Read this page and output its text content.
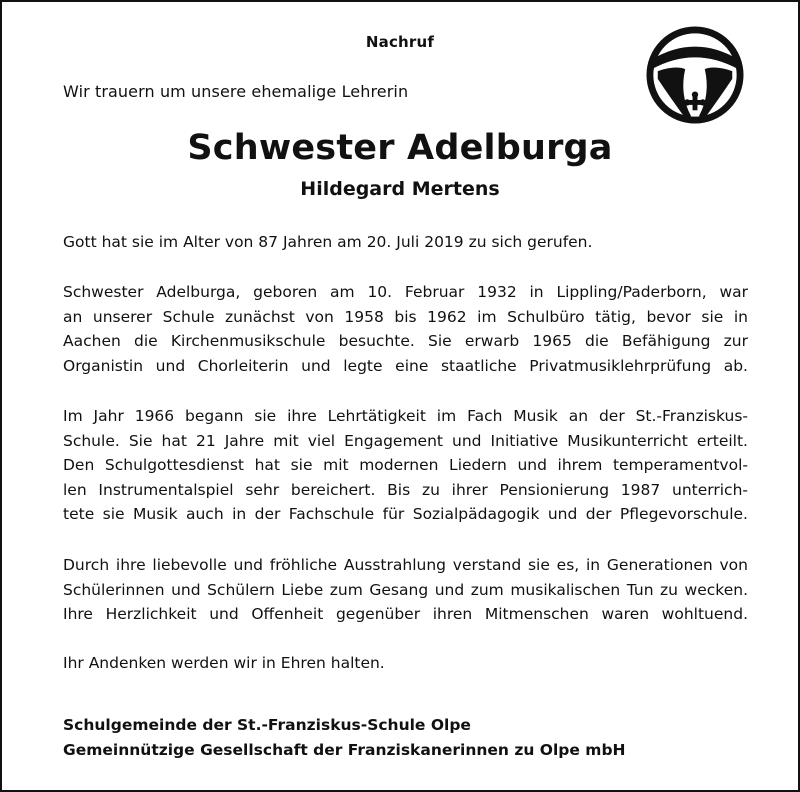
Nachruf
Wir trauern um unsere ehemalige Lehrerin
Schwester Adelburga
Hildegard Mertens

Gott hat sie im Alter von 87 Jahren am 20. Juli 2019 zu sich gerufen.

Schwester Adelburga, geboren am 10. Februar 1932 in Lippling/Paderborn, war
an unserer Schule zunächst von 1958 bis 1962 im Schulbüro tätig, bevor sie in
Aachen die Kirchenmusikschule besuchte. Sie erwarb 1965 die Befähigung zur
Organistin und Chorleiterin und legte eine staatliche Privatmusiklehrprüfung ab.

Im Jahr 1966 begann sie ihre Lehrtätigkeit im Fach Musik an der St.-Franziskus-
Schule. Sie hat 21 Jahre mit viel Engagement und Initiative Musikunterricht erteilt.
Den Schulgottesdienst hat sie mit modernen Liedern und ihrem temperamentvol-
len Instrumentalspiel sehr bereichert. Bis zu ihrer Pensionierung 1987 unterrich-
tete sie Musik auch in der Fachschule für Sozialpädagogik und der Pflegevorschule.

Durch ihre liebevolle und fröhliche Ausstrahlung verstand sie es, in Generationen von
Schülerinnen und Schülern Liebe zum Gesang und zum musikalischen Tun zu wecken.
Ihre Herzlichkeit und Offenheit gegenüber ihren Mitmenschen waren wohltuend.

Ihr Andenken werden wir in Ehren halten.

Schulgemeinde der St.-Franziskus-Schule Olpe
Gemeinnützige Gesellschaft der Franziskanerinnen zu Olpe mbH
